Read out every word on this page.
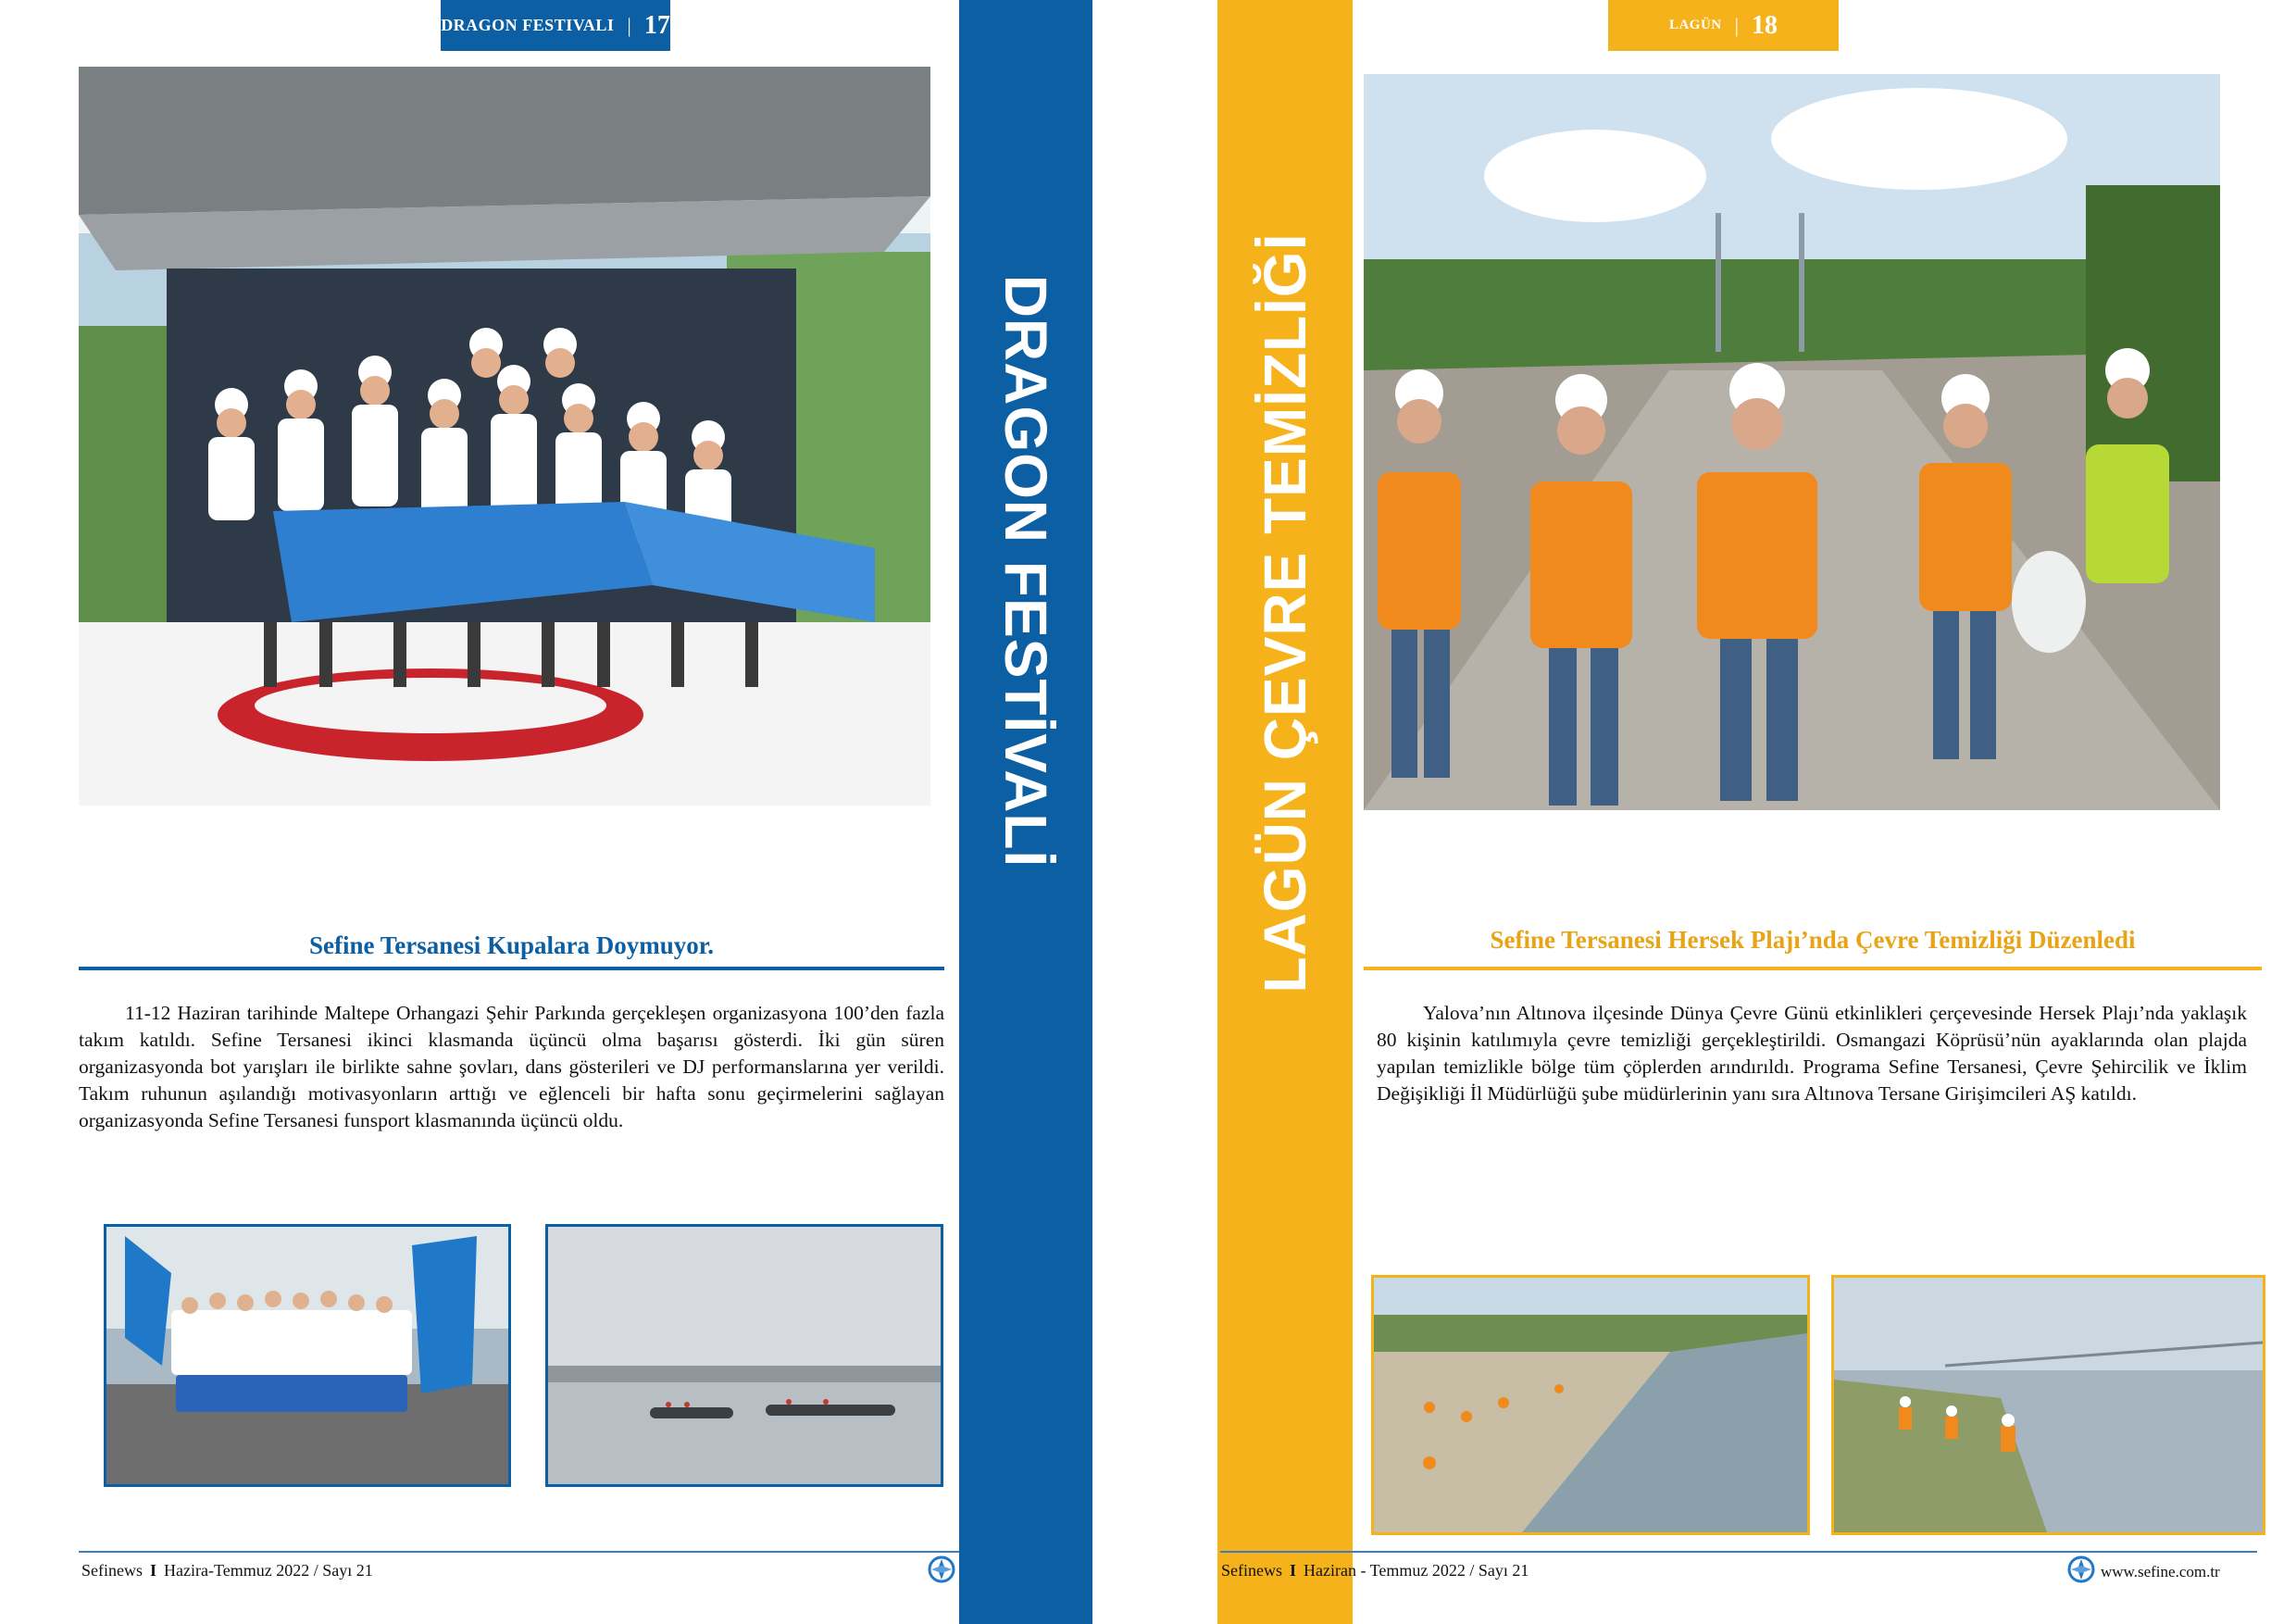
DRAGON FESTIVALI | 17
Sefine Tersanesi Kupalara Doymuyor.

11-12 Haziran tarihinde Maltepe Orhangazi Şehir Parkında gerçekleşen organizasyona 100’den fazla takım katıldı. Sefine Tersanesi ikinci klasmanda üçüncü olma başarısı gösterdi. İki gün süren organizasyonda bot yarışları ile birlikte sahne şovları, dans gösterileri ve DJ performanslarına yer verildi. Takım ruhunun aşılandığı motivasyonların arttığı ve eğlenceli bir hafta sonu geçirmelerini sağlayan organizasyonda Sefine Tersanesi funsport klasmanında üçüncü oldu.

Sefinews I Hazira-Temmuz 2022 / Sayı 21
DRAGON FESTİVALİ	LAGÜN ÇEVRE TEMİZLİĞİ
LAGÜN | 18
Sefine Tersanesi Hersek Plajı’nda Çevre Temizliği Düzenledi

Yalova’nın Altınova ilçesinde Dünya Çevre Günü etkinlikleri çerçevesinde Hersek Plajı’nda yaklaşık 80 kişinin katılımıyla çevre temizliği gerçekleştirildi. Osmangazi Köprüsü’nün ayaklarında olan plajda yapılan temizlikle bölge tüm çöplerden arındırıldı. Programa Sefine Tersanesi, Çevre Şehircilik ve İklim Değişikliği İl Müdürlüğü şube müdürlerinin yanı sıra Altınova Tersane Girişimcileri AŞ katıldı.

Sefinews I Haziran - Temmuz 2022 / Sayı 21	www.sefine.com.tr
